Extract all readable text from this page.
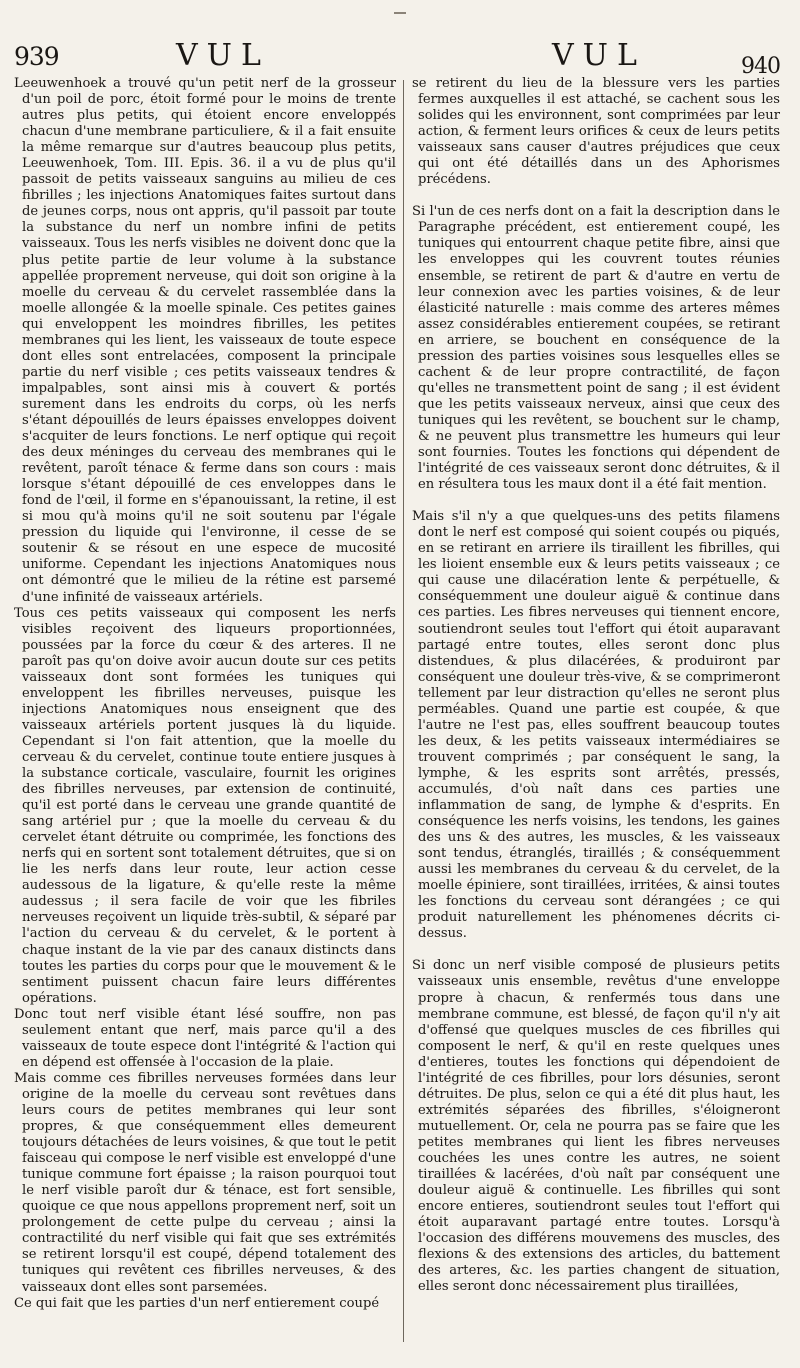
939	VUL	VUL	940

Leeuwenhoek a trouvé qu'un petit nerf de la grosseur d'un poil de porc, étoit formé pour le moins de trente autres plus petits, qui étoient encore enveloppés chacun d'une membrane particuliere, & il a fait ensuite la même remarque sur d'autres beaucoup plus petits, Leeuwenhoek, Tom. III. Epis. 36. il a vu de plus qu'il passoit de petits vaisseaux sanguins au milieu de ces fibrilles ; les injections Anatomiques faites surtout dans de jeunes corps, nous ont appris, qu'il passoit par toute la substance du nerf un nombre infini de petits vaisseaux. Tous les nerfs visibles ne doivent donc que la plus petite partie de leur volume à la substance appellée proprement nerveuse, qui doit son origine à la moelle du cerveau & du cervelet rassemblée dans la moelle allongée & la moelle spinale. Ces petites gaines qui enveloppent les moindres fibrilles, les petites membranes qui les lient, les vaisseaux de toute espece dont elles sont entrelacées, composent la principale partie du nerf visible ; ces petits vaisseaux tendres & impalpables, sont ainsi mis à couvert & portés surement dans les endroits du corps, où les nerfs s'étant dépouillés de leurs épaisses enveloppes doivent s'acquiter de leurs fonctions. Le nerf optique qui reçoit des deux méninges du cerveau des membranes qui le revêtent, paroît ténace & ferme dans son cours : mais lorsque s'étant dépouillé de ces enveloppes dans le fond de l'œil, il forme en s'épanouissant, la retine, il est si mou qu'à moins qu'il ne soit soutenu par l'égale pression du liquide qui l'environne, il cesse de se soutenir & se résout en une espece de mucosité uniforme. Cependant les injections Anatomiques nous ont démontré que le milieu de la rétine est parsemé d'une infinité de vaisseaux artériels.

Tous ces petits vaisseaux qui composent les nerfs visibles reçoivent des liqueurs proportionnées, poussées par la force du cœur & des arteres. Il ne paroît pas qu'on doive avoir aucun doute sur ces petits vaisseaux dont sont formées les tuniques qui enveloppent les fibrilles nerveuses, puisque les injections Anatomiques nous enseignent que des vaisseaux artériels portent jusques là du liquide. Cependant si l'on fait attention, que la moelle du cerveau & du cervelet, continue toute entiere jusques à la substance corticale, vasculaire, fournit les origines des fibrilles nerveuses, par extension de continuité, qu'il est porté dans le cerveau une grande quantité de sang artériel pur ; que la moelle du cerveau & du cervelet étant détruite ou comprimée, les fonctions des nerfs qui en sortent sont totalement détruites, que si on lie les nerfs dans leur route, leur action cesse audessous de la ligature, & qu'elle reste la même audessus ; il sera facile de voir que les fibriles nerveuses reçoivent un liquide très-subtil, & séparé par l'action du cerveau & du cervelet, & le portent à chaque instant de la vie par des canaux distincts dans toutes les parties du corps pour que le mouvement & le sentiment puissent chacun faire leurs différentes opérations.

Donc tout nerf visible étant lésé souffre, non pas seulement entant que nerf, mais parce qu'il a des vaisseaux de toute espece dont l'intégrité & l'action qui en dépend est offensée à l'occasion de la plaie.

Mais comme ces fibrilles nerveuses formées dans leur origine de la moelle du cerveau sont revêtues dans leurs cours de petites membranes qui leur sont propres, & que conséquemment elles demeurent toujours détachées de leurs voisines, & que tout le petit faisceau qui compose le nerf visible est enveloppé d'une tunique commune fort épaisse ; la raison pourquoi tout le nerf visible paroît dur & ténace, est fort sensible, quoique ce que nous appellons proprement nerf, soit un prolongement de cette pulpe du cerveau ; ainsi la contractilité du nerf visible qui fait que ses extrémités se retirent lorsqu'il est coupé, dépend totalement des tuniques qui revêtent ces fibrilles nerveuses, & des vaisseaux dont elles sont parsemées.

Ce qui fait que les parties d'un nerf entierement coupé

se retirent du lieu de la blessure vers les parties fermes auxquelles il est attaché, se cachent sous les solides qui les environnent, sont comprimées par leur action, & ferment leurs orifices & ceux de leurs petits vaisseaux sans causer d'autres préjudices que ceux qui ont été détaillés dans un des Aphorismes précédens.

Si l'un de ces nerfs dont on a fait la description dans le Paragraphe précédent, est entierement coupé, les tuniques qui entourrent chaque petite fibre, ainsi que les enveloppes qui les couvrent toutes réunies ensemble, se retirent de part & d'autre en vertu de leur connexion avec les parties voisines, & de leur élasticité naturelle : mais comme des arteres mêmes assez considérables entierement coupées, se retirant en arriere, se bouchent en conséquence de la pression des parties voisines sous lesquelles elles se cachent & de leur propre contractilité, de façon qu'elles ne transmettent point de sang ; il est évident que les petits vaisseaux nerveux, ainsi que ceux des tuniques qui les revêtent, se bouchent sur le champ, & ne peuvent plus transmettre les humeurs qui leur sont fournies. Toutes les fonctions qui dépendent de l'intégrité de ces vaisseaux seront donc détruites, & il en résultera tous les maux dont il a été fait mention.

Mais s'il n'y a que quelques-uns des petits filamens dont le nerf est composé qui soient coupés ou piqués, en se retirant en arriere ils tiraillent les fibrilles, qui les lioient ensemble eux & leurs petits vaisseaux ; ce qui cause une dilacération lente & perpétuelle, & conséquemment une douleur aiguë & continue dans ces parties. Les fibres nerveuses qui tiennent encore, soutiendront seules tout l'effort qui étoit auparavant partagé entre toutes, elles seront donc plus distendues, & plus dilacérées, & produiront par conséquent une douleur très-vive, & se comprimeront tellement par leur distraction qu'elles ne seront plus perméables. Quand une partie est coupée, & que l'autre ne l'est pas, elles souffrent beaucoup toutes les deux, & les petits vaisseaux intermédiaires se trouvent comprimés ; par conséquent le sang, la lymphe, & les esprits sont arrêtés, pressés, accumulés, d'où naît dans ces parties une inflammation de sang, de lymphe & d'esprits. En conséquence les nerfs voisins, les tendons, les gaines des uns & des autres, les muscles, & les vaisseaux sont tendus, étranglés, tiraillés ; & conséquemment aussi les membranes du cerveau & du cervelet, de la moelle épiniere, sont tiraillées, irritées, & ainsi toutes les fonctions du cerveau sont dérangées ; ce qui produit naturellement les phénomenes décrits ci-dessus.

Si donc un nerf visible composé de plusieurs petits vaisseaux unis ensemble, revêtus d'une enveloppe propre à chacun, & renfermés tous dans une membrane commune, est blessé, de façon qu'il n'y ait d'offensé que quelques muscles de ces fibrilles qui composent le nerf, & qu'il en reste quelques unes d'entieres, toutes les fonctions qui dépendoient de l'intégrité de ces fibrilles, pour lors désunies, seront détruites. De plus, selon ce qui a été dit plus haut, les extrémités séparées des fibrilles, s'éloigneront mutuellement. Or, cela ne pourra pas se faire que les petites membranes qui lient les fibres nerveuses couchées les unes contre les autres, ne soient tiraillées & lacérées, d'où naît par conséquent une douleur aiguë & continuelle. Les fibrilles qui sont encore entieres, soutiendront seules tout l'effort qui étoit auparavant partagé entre toutes. Lorsqu'à l'occasion des différens mouvemens des muscles, des flexions & des extensions des articles, du battement des arteres, &c. les parties changent de situation, elles seront donc nécessairement plus tiraillées,
